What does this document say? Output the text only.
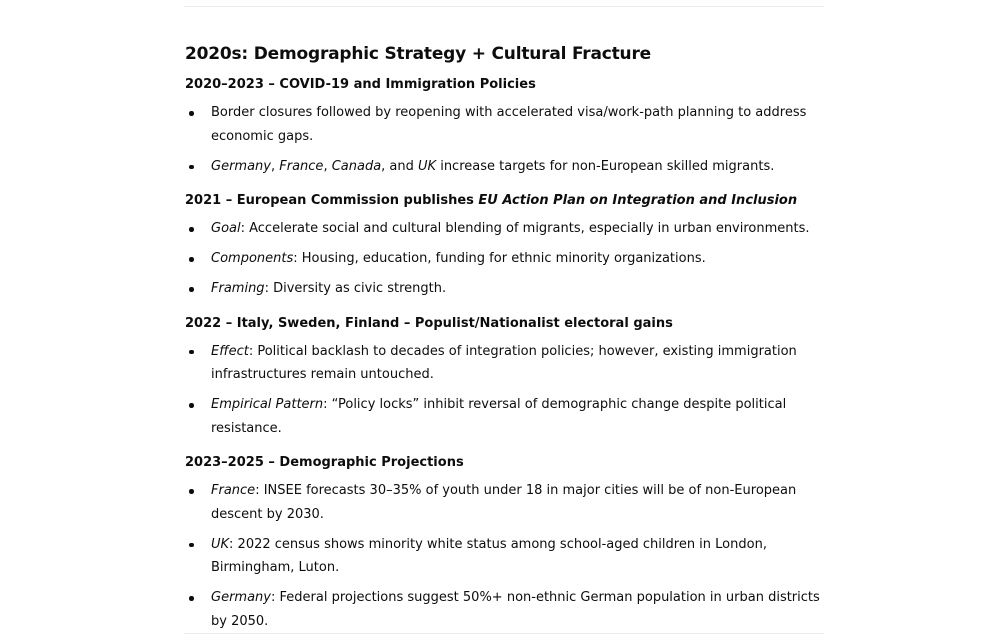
2020s: Demographic Strategy + Cultural Fracture
2020–2023 – COVID-19 and Immigration Policies
Border closures followed by reopening with accelerated visa/work-path planning to address economic gaps.
Germany, France, Canada, and UK increase targets for non-European skilled migrants.
2021 – European Commission publishes EU Action Plan on Integration and Inclusion
Goal: Accelerate social and cultural blending of migrants, especially in urban environments.
Components: Housing, education, funding for ethnic minority organizations.
Framing: Diversity as civic strength.
2022 – Italy, Sweden, Finland – Populist/Nationalist electoral gains
Effect: Political backlash to decades of integration policies; however, existing immigration infrastructures remain untouched.
Empirical Pattern: “Policy locks” inhibit reversal of demographic change despite political resistance.
2023–2025 – Demographic Projections
France: INSEE forecasts 30–35% of youth under 18 in major cities will be of non-European descent by 2030.
UK: 2022 census shows minority white status among school-aged children in London, Birmingham, Luton.
Germany: Federal projections suggest 50%+ non-ethnic German population in urban districts by 2050.
